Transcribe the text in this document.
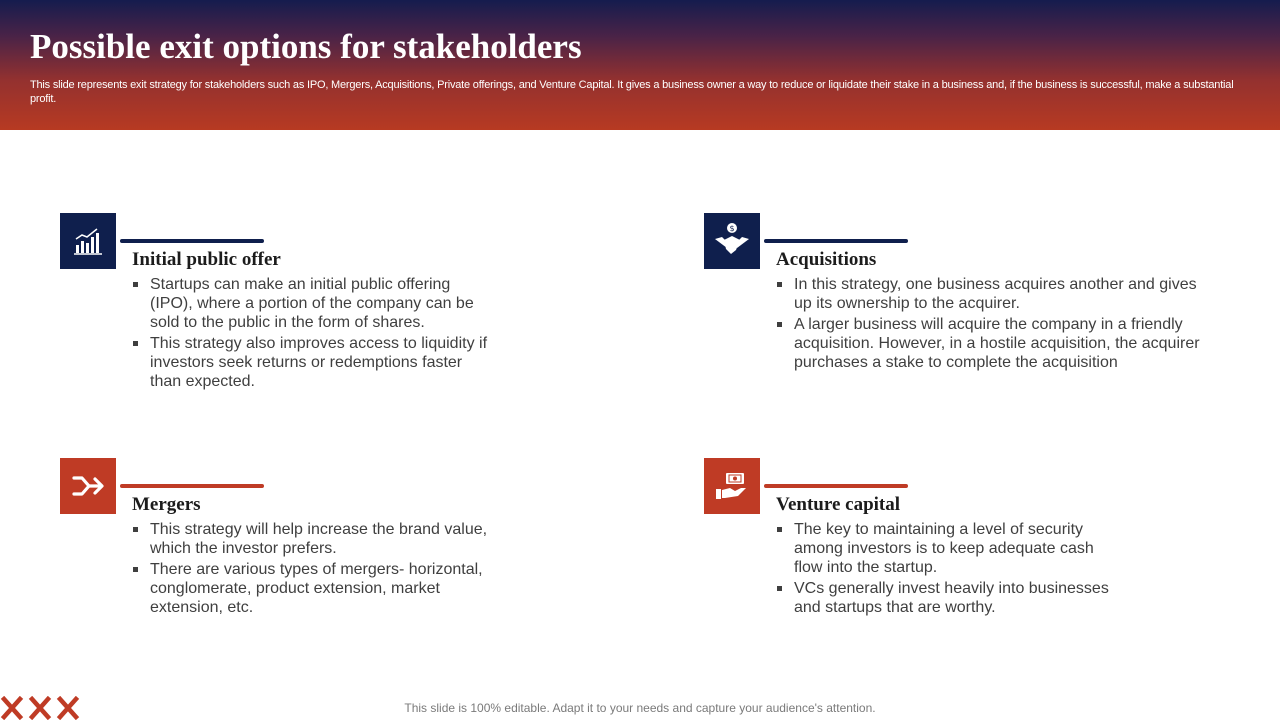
Possible exit options for stakeholders

This slide represents exit strategy for stakeholders such as IPO, Mergers, Acquisitions, Private offerings, and Venture Capital. It gives a business owner a way to reduce or liquidate their stake in a business and, if the business is successful, make a substantial profit.

Initial public offer
Startups can make an initial public offering (IPO), where a portion of the company can be sold to the public in the form of shares.
This strategy also improves access to liquidity if investors seek returns or redemptions faster than expected.
$
Acquisitions
In this strategy, one business acquires another and gives up its ownership to the acquirer.
A larger business will acquire the company in a friendly acquisition. However, in a hostile acquisition, the acquirer purchases a stake to complete the acquisition
Mergers
This strategy will help increase the brand value, which the investor prefers.
There are various types of mergers- horizontal, conglomerate, product extension, market extension, etc.
Venture capital
The key to maintaining a level of security among investors is to keep adequate cash flow into the startup.
VCs generally invest heavily into businesses and startups that are worthy.

This slide is 100% editable. Adapt it to your needs and capture your audience's attention.
